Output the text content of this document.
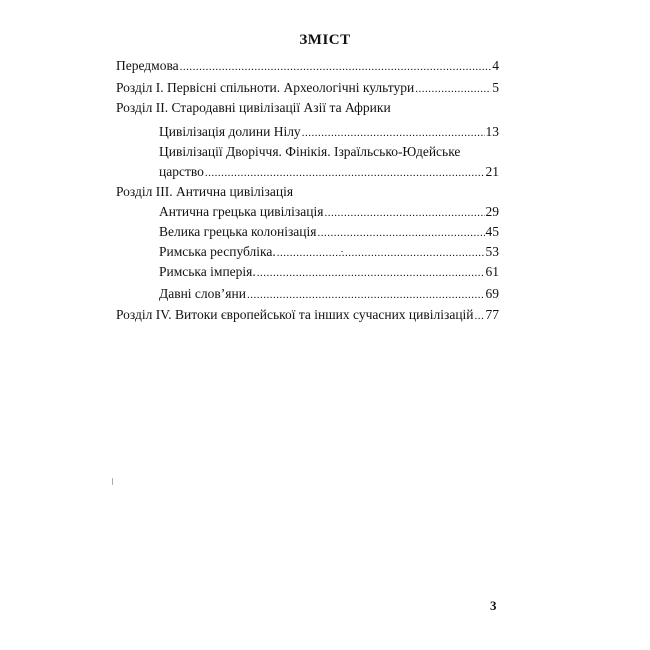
ЗМІСТ
Передмова .....	4
Розділ І. Первісні спільноти. Археологічні культури .....	5
Розділ ІІ. Стародавні цивілізації Азії та Африки
Цивілізація долини Нілу .....	13
Цивілізації Дворіччя. Фінікія. Ізраїльсько-Юдейське
царство .....	21
Розділ ІІІ. Антична цивілізація
Антична грецька цивілізація .....	29
Велика грецька колонізація .....	45
Римська республіка. .....	53
Римська імперія. .....	61
Давні слов’яни .....	69
Розділ IV. Витоки європейської та інших сучасних цивілізацій ..... 77
3
